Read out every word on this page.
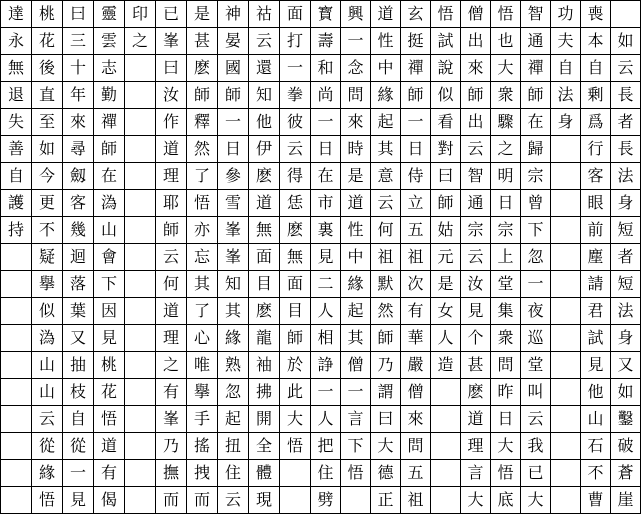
達	桃	曰	靈	印	已	是	神	祜	面	寳	興	道	玄	悟	僧	悟	智	功	喪	
永	花	三	雲	之	峯	甚	晏	云	打	壽	一	性	挺	試	出	也	通	夫	本	如
無	後	十	志		曰	麽	國	還	一	和	念	中	禪	說	來	大	禪	自	自	云
退	直	年	勤		汝	師	師	知	拳	尚	問	緣	師	似	師	衆	師	法	剰	長
失	至	來	禪		作	釋	一	他	彼	一	來	起	一	看	出	驟	在	身	爲	者
善	如	尋	師		道	然	日	伊	云	日	時	其	日	對	云	之	歸		行	長
自	今	劔	在		理	了	參	麽	得	在	是	意	侍	曰	智	明	宗		客	法
護	更	客	溈		耶	悟	雪	道	恁	市	道	云	立	師	通	日	曾		眼	身
持	不	幾	山		師	亦	峯	無	麽	裏	性	何	五	姑	宗	宗	下		前	短
	疑	迴	會		云	忘	峯	面	無	見	中	祖	祖	元	云	上	忽		塵	者
	擧	落	下		何	其	知	目	面	二	緣	默	次	是	汝	堂	一		請	短
	似	葉	因		道	了	其	麽	目	人	起	然	有	女	見	集	夜		君	法
	溈	又	見		理	心	緣	龍	師	相	其	師	華	人	个	衆	巡		試	身
	山	抽	桃		之	唯	熟	袖	於	諍	僧	乃	嚴	造	甚	問	堂		見	又
	山	枝	花		有	擧	忽	拂	此	一	一	謂	僧		麽	昨	叫		他	如
	云	自	悟		峯	手	起	開	大	人	言	曰	來		道	日	云		山	鑿
	從	從	道		乃	搖	扭	全	悟	把	下	大	問		理	大	我		石	破
	緣	一	有		撫	拽	住	體		住	悟	德	五		言	悟	已		不	蒼
	悟	見	偈		而	而	云	現		劈		正	祖		大	底	大		曹	崖
